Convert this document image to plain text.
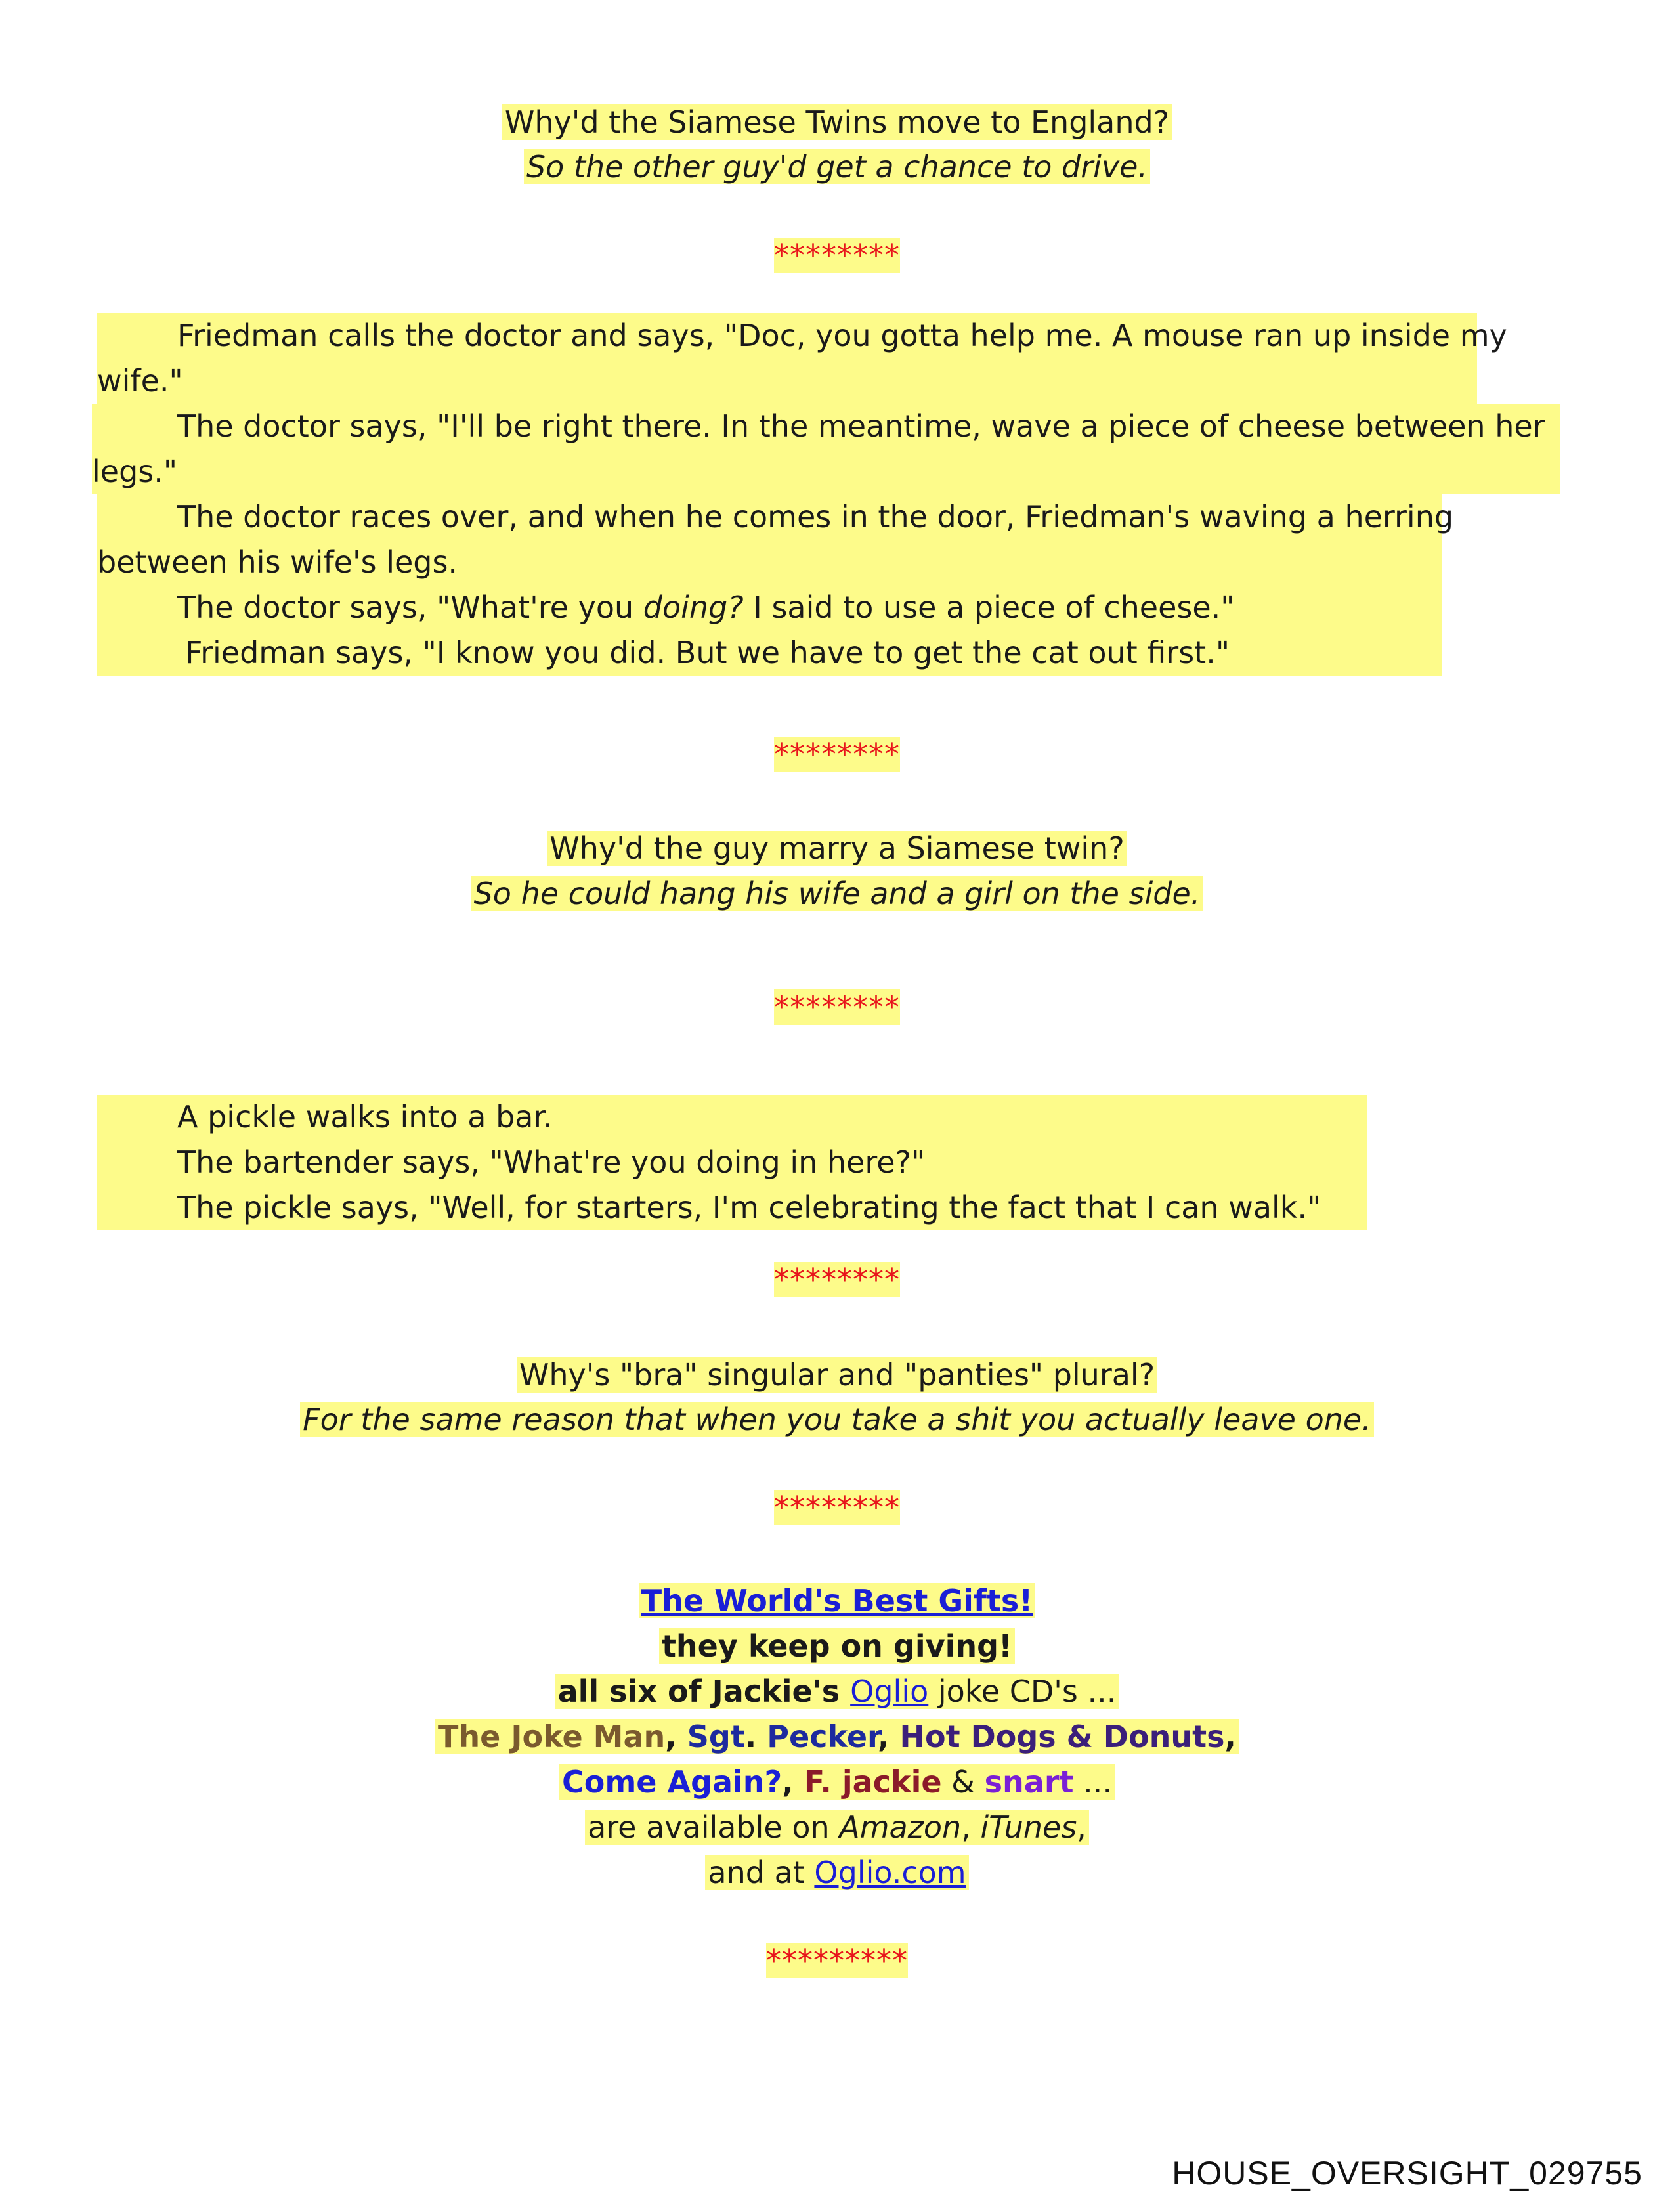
Why'd the Siamese Twins move to England?
So the other guy'd get a chance to drive.
********

Friedman calls the doctor and says, "Doc, you gotta help me. A mouse ran up inside my

wife."

The doctor says, "I'll be right there. In the meantime, wave a piece of cheese between her

legs."

The doctor races over, and when he comes in the door, Friedman's waving a herring

between his wife's legs.

The doctor says, "What're you doing? I said to use a piece of cheese."

Friedman says, "I know you did. But we have to get the cat out first."

********
Why'd the guy marry a Siamese twin?
So he could hang his wife and a girl on the side.
********

A pickle walks into a bar.

The bartender says, "What're you doing in here?"

The pickle says, "Well, for starters, I'm celebrating the fact that I can walk."

********
Why's "bra" singular and "panties" plural?
For the same reason that when you take a shit you actually leave one.
********
The World's Best Gifts!
they keep on giving!
all six of Jackie's Oglio joke CD's ...
The Joke Man, Sgt. Pecker, Hot Dogs & Donuts,
Come Again?, F. jackie & snart ...
are available on Amazon, iTunes,
and at Oglio.com
*********
HOUSE_OVERSIGHT_029755
